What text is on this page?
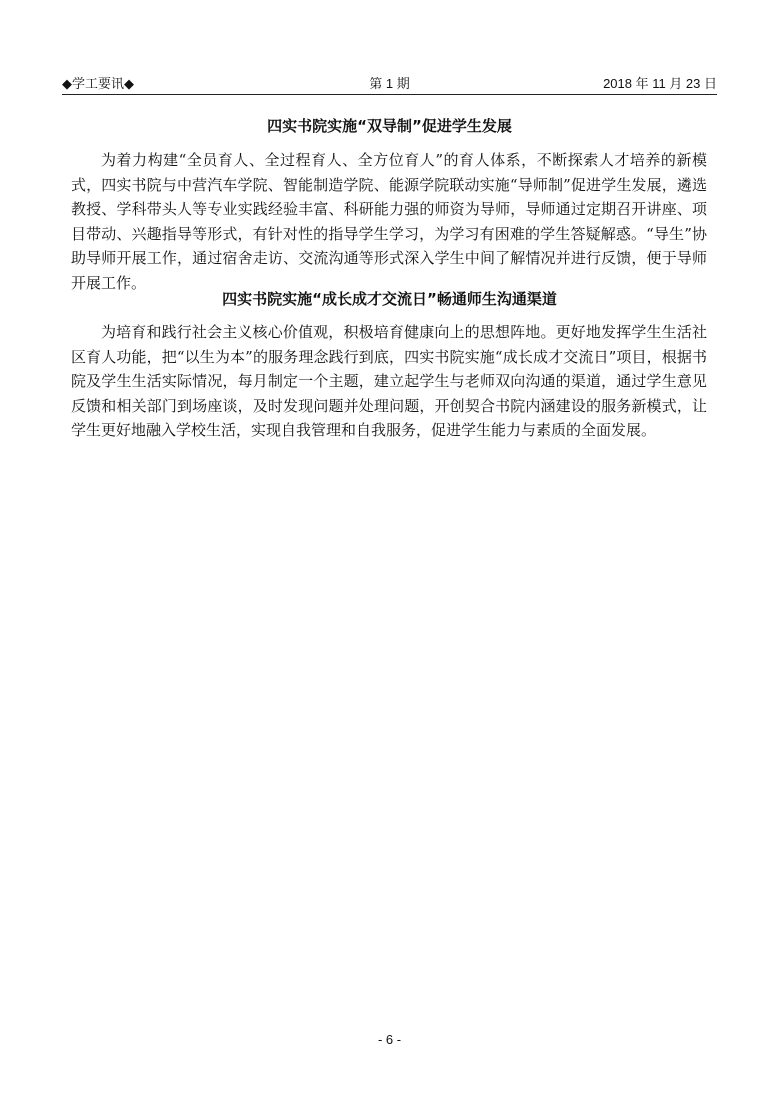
◆学工要讯◆	第 1 期	2018 年 11 月 23 日
四实书院实施“双导制”促进学生发展

为着力构建“全员育人、全过程育人、全方位育人”的育人体系，不断探索人才培养的新模式，四实书院与中营汽车学院、智能制造学院、能源学院联动实施“导师制”促进学生发展，遴选教授、学科带头人等专业实践经验丰富、科研能力强的师资为导师，导师通过定期召开讲座、项目带动、兴趣指导等形式，有针对性的指导学生学习，为学习有困难的学生答疑解惑。“导生”协助导师开展工作，通过宿舍走访、交流沟通等形式深入学生中间了解情况并进行反馈，便于导师开展工作。

四实书院实施“成长成才交流日”畅通师生沟通渠道

为培育和践行社会主义核心价值观，积极培育健康向上的思想阵地。更好地发挥学生生活社区育人功能，把“以生为本”的服务理念践行到底，四实书院实施“成长成才交流日”项目，根据书院及学生生活实际情况，每月制定一个主题，建立起学生与老师双向沟通的渠道，通过学生意见反馈和相关部门到场座谈，及时发现问题并处理问题，开创契合书院内涵建设的服务新模式，让学生更好地融入学校生活，实现自我管理和自我服务，促进学生能力与素质的全面发展。

- 6 -
